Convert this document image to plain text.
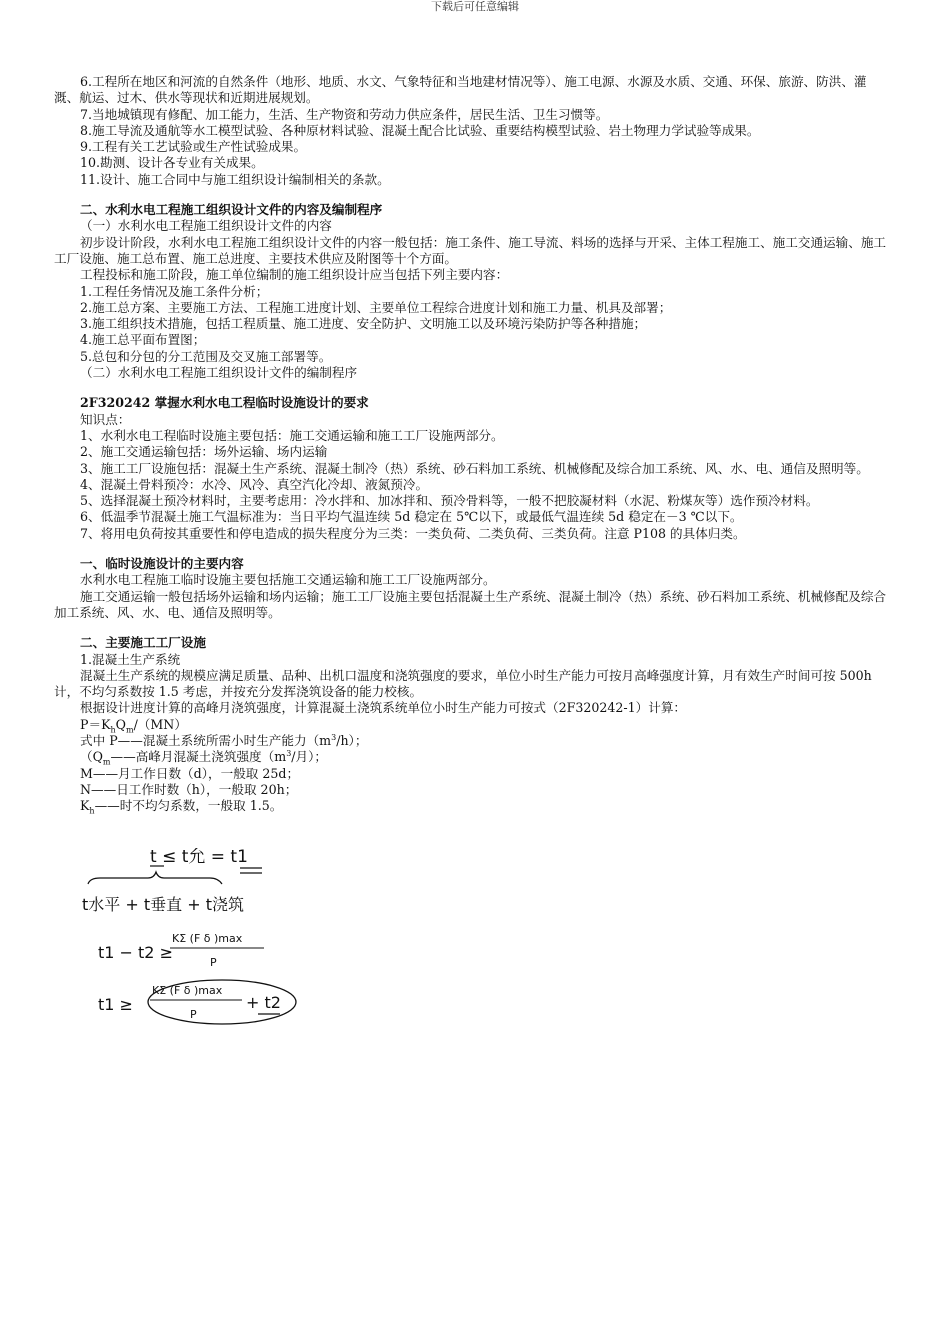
下载后可任意编辑

6.工程所在地区和河流的自然条件（地形、地质、水文、气象特征和当地建材情况等）、施工电源、水源及水质、交通、环保、旅游、防洪、灌溉、航运、过木、供水等现状和近期进展规划。

7.当地城镇现有修配、加工能力，生活、生产物资和劳动力供应条件，居民生活、卫生习惯等。

8.施工导流及通航等水工模型试验、各种原材料试验、混凝土配合比试验、重要结构模型试验、岩土物理力学试验等成果。

9.工程有关工艺试验或生产性试验成果。

10.勘测、设计各专业有关成果。

11.设计、施工合同中与施工组织设计编制相关的条款。

二、水利水电工程施工组织设计文件的内容及编制程序

（一）水利水电工程施工组织设计文件的内容

初步设计阶段，水利水电工程施工组织设计文件的内容一般包括：施工条件、施工导流、料场的选择与开采、主体工程施工、施工交通运输、施工工厂设施、施工总布置、施工总进度、主要技术供应及附图等十个方面。

工程投标和施工阶段，施工单位编制的施工组织设计应当包括下列主要内容：

1.工程任务情况及施工条件分析；

2.施工总方案、主要施工方法、工程施工进度计划、主要单位工程综合进度计划和施工力量、机具及部署；

3.施工组织技术措施，包括工程质量、施工进度、安全防护、文明施工以及环境污染防护等各种措施；

4.施工总平面布置图；

5.总包和分包的分工范围及交叉施工部署等。

（二）水利水电工程施工组织设计文件的编制程序

2F320242 掌握水利水电工程临时设施设计的要求

知识点：

1、水利水电工程临时设施主要包括：施工交通运输和施工工厂设施两部分。

2、施工交通运输包括：场外运输、场内运输

3、施工工厂设施包括：混凝土生产系统、混凝土制冷（热）系统、砂石料加工系统、机械修配及综合加工系统、风、水、电、通信及照明等。

4、混凝土骨料预冷：水冷、风冷、真空汽化冷却、液氮预冷。

5、选择混凝土预冷材料时，主要考虑用：冷水拌和、加冰拌和、预冷骨料等，一般不把胶凝材料（水泥、粉煤灰等）选作预冷材料。

6、低温季节混凝土施工气温标准为：当日平均气温连续 5d 稳定在 5℃以下，或最低气温连续 5d 稳定在－3 ℃以下。

7、将用电负荷按其重要性和停电造成的损失程度分为三类：一类负荷、二类负荷、三类负荷。注意 P108 的具体归类。

一、临时设施设计的主要内容

水利水电工程施工临时设施主要包括施工交通运输和施工工厂设施两部分。

施工交通运输一般包括场外运输和场内运输；施工工厂设施主要包括混凝土生产系统、混凝土制冷（热）系统、砂石料加工系统、机械修配及综合加工系统、风、水、电、通信及照明等。

二、主要施工工厂设施

1.混凝土生产系统

混凝土生产系统的规模应满足质量、品种、出机口温度和浇筑强度的要求，单位小时生产能力可按月高峰强度计算，月有效生产时间可按 500h 计，不均匀系数按 1.5 考虑，并按充分发挥浇筑设备的能力校核。

根据设计进度计算的高峰月浇筑强度，计算混凝土浇筑系统单位小时生产能力可按式（2F320242-1）计算：

$P=K_hQ_m/(MN)$

式中 P——混凝土系统所需小时生产能力$(m^3/h)$；

（$Q_m——$高峰月混凝土浇筑强度（$m^3/$月）；

M——月工作日数（d），一般取 25d；

N——日工作时数（h），一般取 20h；

$K_h——$时不均匀系数，一般取 1.5。

t ≤ t允 = t1
t水平 + t垂直 + t浇筑
t1 − t2 ≥
KΣ (F δ )max
P
t1 ≥
KΣ (F δ )max
P
+ t2
